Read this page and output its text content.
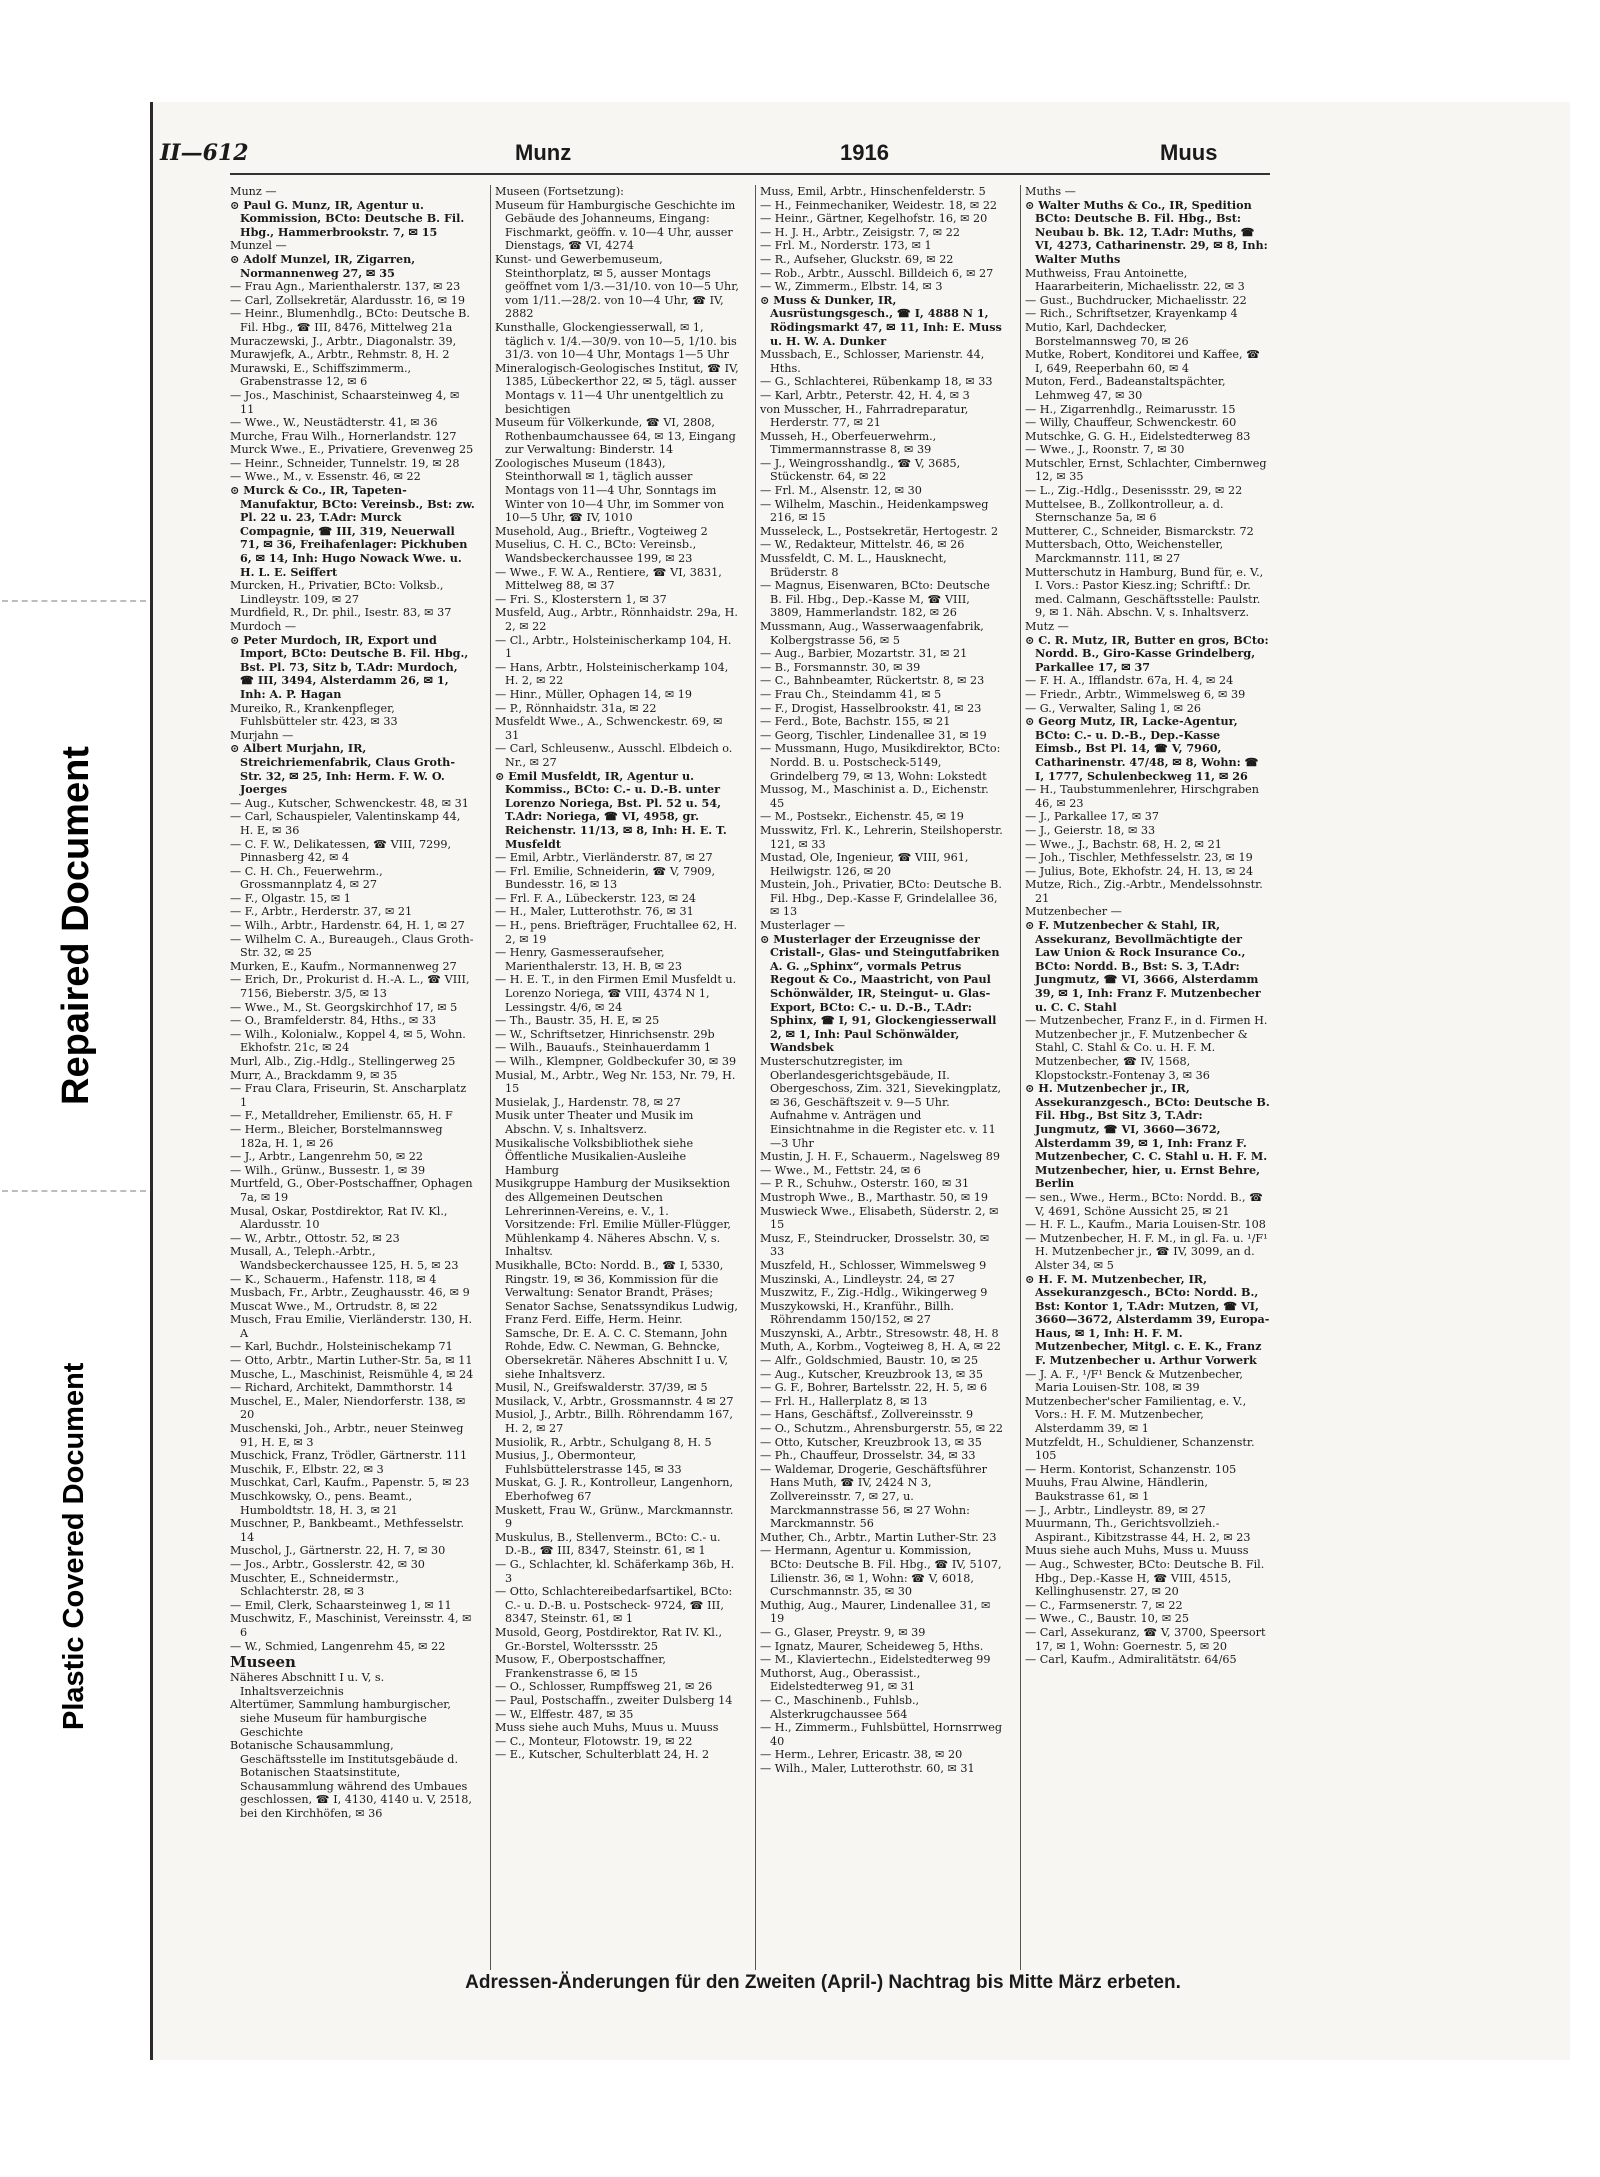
Repaired Document
Plastic Covered Document
II—612	Munz	1916	Muus

Munz —

⊙ Paul G. Munz, IR, Agentur u. Kommission, BCto: Deutsche B. Fil. Hbg., Hammerbrookstr. 7, ✉ 15

Munzel —

⊙ Adolf Munzel, IR, Zigarren, Normannenweg 27, ✉ 35

— Frau Agn., Marienthalerstr. 137, ✉ 23

— Carl, Zollsekretär, Alardusstr. 16, ✉ 19

— Heinr., Blumenhdlg., BCto: Deutsche B. Fil. Hbg., ☎ III, 8476, Mittelweg 21a

Muraczewski, J., Arbtr., Diagonalstr. 39,

Murawjefk, A., Arbtr., Rehmstr. 8, H. 2

Murawski, E., Schiffszimmerm., Grabenstrasse 12, ✉ 6

— Jos., Maschinist, Schaarsteinweg 4, ✉ 11

— Wwe., W., Neustädterstr. 41, ✉ 36

Murche, Frau Wilh., Hornerlandstr. 127

Murck Wwe., E., Privatiere, Grevenweg 25

— Heinr., Schneider, Tunnelstr. 19, ✉ 28

— Wwe., M., v. Essenstr. 46, ✉ 22

⊙ Murck & Co., IR, Tapeten-Manufaktur, BCto: Vereinsb., Bst: zw. Pl. 22 u. 23, T.Adr: Murck Compagnie, ☎ III, 319, Neuerwall 71, ✉ 36, Freihafenlager: Pickhuben 6, ✉ 14, Inh: Hugo Nowack Wwe. u. H. L. E. Seiffert

Murcken, H., Privatier, BCto: Volksb., Lindleystr. 109, ✉ 27

Murdfield, R., Dr. phil., Isestr. 83, ✉ 37

Murdoch —

⊙ Peter Murdoch, IR, Export und Import, BCto: Deutsche B. Fil. Hbg., Bst. Pl. 73, Sitz b, T.Adr: Murdoch, ☎ III, 3494, Alsterdamm 26, ✉ 1, Inh: A. P. Hagan

Mureiko, R., Krankenpfleger, Fuhlsbütteler str. 423, ✉ 33

Murjahn —

⊙ Albert Murjahn, IR, Streichriemenfabrik, Claus Groth-Str. 32, ✉ 25, Inh: Herm. F. W. O. Joerges

— Aug., Kutscher, Schwenckestr. 48, ✉ 31

— Carl, Schauspieler, Valentinskamp 44, H. E, ✉ 36

— C. F. W., Delikatessen, ☎ VIII, 7299, Pinnasberg 42, ✉ 4

— C. H. Ch., Feuerwehrm., Grossmannplatz 4, ✉ 27

— F., Olgastr. 15, ✉ 1

— F., Arbtr., Herderstr. 37, ✉ 21

— Wilh., Arbtr., Hardenstr. 64, H. 1, ✉ 27

— Wilhelm C. A., Bureaugeh., Claus Groth-Str. 32, ✉ 25

Murken, E., Kaufm., Normannenweg 27

— Erich, Dr., Prokurist d. H.-A. L., ☎ VIII, 7156, Bieberstr. 3/5, ✉ 13

— Wwe., M., St. Georgskirchhof 17, ✉ 5

— O., Bramfelderstr. 84, Hths., ✉ 33

— Wilh., Kolonialw., Koppel 4, ✉ 5, Wohn. Ekhofstr. 21c, ✉ 24

Murl, Alb., Zig.-Hdlg., Stellingerweg 25

Murr, A., Brackdamm 9, ✉ 35

— Frau Clara, Friseurin, St. Anscharplatz 1

— F., Metalldreher, Emilienstr. 65, H. F

— Herm., Bleicher, Borstelmannsweg 182a, H. 1, ✉ 26

— J., Arbtr., Langenrehm 50, ✉ 22

— Wilh., Grünw., Bussestr. 1, ✉ 39

Murtfeld, G., Ober-Postschaffner, Ophagen 7a, ✉ 19

Musal, Oskar, Postdirektor, Rat IV. Kl., Alardusstr. 10

— W., Arbtr., Ottostr. 52, ✉ 23

Musall, A., Teleph.-Arbtr., Wandsbeckerchaussee 125, H. 5, ✉ 23

— K., Schauerm., Hafenstr. 118, ✉ 4

Musbach, Fr., Arbtr., Zeughausstr. 46, ✉ 9

Muscat Wwe., M., Ortrudstr. 8, ✉ 22

Musch, Frau Emilie, Vierländerstr. 130, H. A

— Karl, Buchdr., Holsteinischekamp 71

— Otto, Arbtr., Martin Luther-Str. 5a, ✉ 11

Musche, L., Maschinist, Reismühle 4, ✉ 24

— Richard, Architekt, Dammthorstr. 14

Muschel, E., Maler, Niendorferstr. 138, ✉ 20

Muschenski, Joh., Arbtr., neuer Steinweg 91, H. E, ✉ 3

Muschick, Franz, Trödler, Gärtnerstr. 111

Muschik, F., Elbstr. 22, ✉ 3

Muschkat, Carl, Kaufm., Papenstr. 5, ✉ 23

Muschkowsky, O., pens. Beamt., Humboldtstr. 18, H. 3, ✉ 21

Muschner, P., Bankbeamt., Methfesselstr. 14

Muschol, J., Gärtnerstr. 22, H. 7, ✉ 30

— Jos., Arbtr., Gosslerstr. 42, ✉ 30

Muschter, E., Schneidermstr., Schlachterstr. 28, ✉ 3

— Emil, Clerk, Schaarsteinweg 1, ✉ 11

Muschwitz, F., Maschinist, Vereinsstr. 4, ✉ 6

— W., Schmied, Langenrehm 45, ✉ 22

Museen

Näheres Abschnitt I u. V, s. Inhaltsverzeichnis

Altertümer, Sammlung hamburgischer, siehe Museum für hamburgische Geschichte

Botanische Schausammlung, Geschäftsstelle im Institutsgebäude d. Botanischen Staatsinstitute, Schausammlung während des Umbaues geschlossen, ☎ I, 4130, 4140 u. V, 2518, bei den Kirchhöfen, ✉ 36

Museen (Fortsetzung):

Museum für Hamburgische Geschichte im Gebäude des Johanneums, Eingang: Fischmarkt, geöffn. v. 10—4 Uhr, ausser Dienstags, ☎ VI, 4274

Kunst- und Gewerbemuseum, Steinthorplatz, ✉ 5, ausser Montags geöffnet vom 1/3.—31/10. von 10—5 Uhr, vom 1/11.—28/2. von 10—4 Uhr, ☎ IV, 2882

Kunsthalle, Glockengiesserwall, ✉ 1, täglich v. 1/4.—30/9. von 10—5, 1/10. bis 31/3. von 10—4 Uhr, Montags 1—5 Uhr

Mineralogisch-Geologisches Institut, ☎ IV, 1385, Lübeckerthor 22, ✉ 5, tägl. ausser Montags v. 11—4 Uhr unentgeltlich zu besichtigen

Museum für Völkerkunde, ☎ VI, 2808, Rothenbaumchaussee 64, ✉ 13, Eingang zur Verwaltung: Binderstr. 14

Zoologisches Museum (1843), Steinthorwall ✉ 1, täglich ausser Montags von 11—4 Uhr, Sonntags im Winter von 10—4 Uhr, im Sommer von 10—5 Uhr, ☎ IV, 1010

Musehold, Aug., Brieftr., Vogteiweg 2

Muselius, C. H. C., BCto: Vereinsb., Wandsbeckerchaussee 199, ✉ 23

— Wwe., F. W. A., Rentiere, ☎ VI, 3831, Mittelweg 88, ✉ 37

— Fri. S., Klosterstern 1, ✉ 37

Musfeld, Aug., Arbtr., Rönnhaidstr. 29a, H. 2, ✉ 22

— Cl., Arbtr., Holsteinischerkamp 104, H. 1

— Hans, Arbtr., Holsteinischerkamp 104, H. 2, ✉ 22

— Hinr., Müller, Ophagen 14, ✉ 19

— P., Rönnhaidstr. 31a, ✉ 22

Musfeldt Wwe., A., Schwenckestr. 69, ✉ 31

— Carl, Schleusenw., Ausschl. Elbdeich o. Nr., ✉ 27

⊙ Emil Musfeldt, IR, Agentur u. Kommiss., BCto: C.- u. D.-B. unter Lorenzo Noriega, Bst. Pl. 52 u. 54, T.Adr: Noriega, ☎ VI, 4958, gr. Reichenstr. 11/13, ✉ 8, Inh: H. E. T. Musfeldt

— Emil, Arbtr., Vierländerstr. 87, ✉ 27

— Frl. Emilie, Schneiderin, ☎ V, 7909, Bundesstr. 16, ✉ 13

— Frl. F. A., Lübeckerstr. 123, ✉ 24

— H., Maler, Lutterothstr. 76, ✉ 31

— H., pens. Briefträger, Fruchtallee 62, H. 2, ✉ 19

— Henry, Gasmesseraufseher, Marienthalerstr. 13, H. B, ✉ 23

— H. E. T., in den Firmen Emil Musfeldt u. Lorenzo Noriega, ☎ VIII, 4374 N 1, Lessingstr. 4/6, ✉ 24

— Th., Baustr. 35, H. E, ✉ 25

— W., Schriftsetzer, Hinrichsenstr. 29b

— Wilh., Bauaufs., Steinhauerdamm 1

— Wilh., Klempner, Goldbeckufer 30, ✉ 39

Musial, M., Arbtr., Weg Nr. 153, Nr. 79, H. 15

Musielak, J., Hardenstr. 78, ✉ 27

Musik unter Theater und Musik im Abschn. V, s. Inhaltsverz.

Musikalische Volksbibliothek siehe Öffentliche Musikalien-Ausleihe Hamburg

Musikgruppe Hamburg der Musiksektion des Allgemeinen Deutschen Lehrerinnen-Vereins, e. V., 1. Vorsitzende: Frl. Emilie Müller-Flügger, Mühlenkamp 4. Näheres Abschn. V, s. Inhaltsv.

Musikhalle, BCto: Nordd. B., ☎ I, 5330, Ringstr. 19, ✉ 36, Kommission für die Verwaltung: Senator Brandt, Präses; Senator Sachse, Senatssyndikus Ludwig, Franz Ferd. Eiffe, Herm. Heinr. Samsche, Dr. E. A. C. C. Stemann, John Rohde, Edw. C. Newman, G. Behncke, Obersekretär. Näheres Abschnitt I u. V, siehe Inhaltsverz.

Musil, N., Greifswalderstr. 37/39, ✉ 5

Musilack, V., Arbtr., Grossmannstr. 4 ✉ 27

Musiol, J., Arbtr., Billh. Röhrendamm 167, H. 2, ✉ 27

Musiolik, R., Arbtr., Schulgang 8, H. 5

Musius, J., Obermonteur, Fuhlsbüttelerstrasse 145, ✉ 33

Muskat, G. J. R., Kontrolleur, Langenhorn, Eberhofweg 67

Muskett, Frau W., Grünw., Marckmannstr. 9

Muskulus, B., Stellenverm., BCto: C.- u. D.-B., ☎ III, 8347, Steinstr. 61, ✉ 1

— G., Schlachter, kl. Schäferkamp 36b, H. 3

— Otto, Schlachtereibedarfsartikel, BCto: C.- u. D.-B. u. Postscheck- 9724, ☎ III, 8347, Steinstr. 61, ✉ 1

Musold, Georg, Postdirektor, Rat IV. Kl., Gr.-Borstel, Wolterssstr. 25

Musow, F., Oberpostschaffner, Frankenstrasse 6, ✉ 15

— O., Schlosser, Rumpffsweg 21, ✉ 26

— Paul, Postschaffn., zweiter Dulsberg 14

— W., Elffestr. 487, ✉ 35

Muss siehe auch Muhs, Muus u. Muuss

— C., Monteur, Flotowstr. 19, ✉ 22

— E., Kutscher, Schulterblatt 24, H. 2

Muss, Emil, Arbtr., Hinschenfelderstr. 5

— H., Feinmechaniker, Weidestr. 18, ✉ 22

— Heinr., Gärtner, Kegelhofstr. 16, ✉ 20

— H. J. H., Arbtr., Zeisigstr. 7, ✉ 22

— Frl. M., Norderstr. 173, ✉ 1

— R., Aufseher, Gluckstr. 69, ✉ 22

— Rob., Arbtr., Ausschl. Billdeich 6, ✉ 27

— W., Zimmerm., Elbstr. 14, ✉ 3

⊙ Muss & Dunker, IR, Ausrüstungsgesch., ☎ I, 4888 N 1, Rödingsmarkt 47, ✉ 11, Inh: E. Muss u. H. W. A. Dunker

Mussbach, E., Schlosser, Marienstr. 44, Hths.

— G., Schlachterei, Rübenkamp 18, ✉ 33

— Karl, Arbtr., Peterstr. 42, H. 4, ✉ 3

von Musscher, H., Fahrradreparatur, Herderstr. 77, ✉ 21

Musseh, H., Oberfeuerwehrm., Timmermannstrasse 8, ✉ 39

— J., Weingrosshandlg., ☎ V, 3685, Stückenstr. 64, ✉ 22

— Frl. M., Alsenstr. 12, ✉ 30

— Wilhelm, Maschin., Heidenkampsweg 216, ✉ 15

Musseleck, L., Postsekretär, Hertogestr. 2

— W., Redakteur, Mittelstr. 46, ✉ 26

Mussfeldt, C. M. L., Hausknecht, Brüderstr. 8

— Magnus, Eisenwaren, BCto: Deutsche B. Fil. Hbg., Dep.-Kasse M, ☎ VIII, 3809, Hammerlandstr. 182, ✉ 26

Mussmann, Aug., Wasserwaagenfabrik, Kolbergstrasse 56, ✉ 5

— Aug., Barbier, Mozartstr. 31, ✉ 21

— B., Forsmannstr. 30, ✉ 39

— C., Bahnbeamter, Rückertstr. 8, ✉ 23

— Frau Ch., Steindamm 41, ✉ 5

— F., Drogist, Hasselbrookstr. 41, ✉ 23

— Ferd., Bote, Bachstr. 155, ✉ 21

— Georg, Tischler, Lindenallee 31, ✉ 19

— Mussmann, Hugo, Musikdirektor, BCto: Nordd. B. u. Postscheck-5149, Grindelberg 79, ✉ 13, Wohn: Lokstedt

Mussog, M., Maschinist a. D., Eichenstr. 45

— M., Postsekr., Eichenstr. 45, ✉ 19

Musswitz, Frl. K., Lehrerin, Steilshoperstr. 121, ✉ 33

Mustad, Ole, Ingenieur, ☎ VIII, 961, Heilwigstr. 126, ✉ 20

Mustein, Joh., Privatier, BCto: Deutsche B. Fil. Hbg., Dep.-Kasse F, Grindelallee 36, ✉ 13

Musterlager —

⊙ Musterlager der Erzeugnisse der Cristall-, Glas- und Steingutfabriken A. G. „Sphinx“, vormals Petrus Regout & Co., Maastricht, von Paul Schönwälder, IR, Steingut- u. Glas-Export, BCto: C.- u. D.-B., T.Adr: Sphinx, ☎ I, 91, Glockengiesserwall 2, ✉ 1, Inh: Paul Schönwälder, Wandsbek

Musterschutzregister, im Oberlandesgerichtsgebäude, II. Obergeschoss, Zim. 321, Sievekingplatz, ✉ 36, Geschäftszeit v. 9—5 Uhr. Aufnahme v. Anträgen und Einsichtnahme in die Register etc. v. 11—3 Uhr

Mustin, J. H. F., Schauerm., Nagelsweg 89

— Wwe., M., Fettstr. 24, ✉ 6

— P. R., Schuhw., Osterstr. 160, ✉ 31

Mustroph Wwe., B., Marthastr. 50, ✉ 19

Muswieck Wwe., Elisabeth, Süderstr. 2, ✉ 15

Musz, F., Steindrucker, Drosselstr. 30, ✉ 33

Muszfeld, H., Schlosser, Wimmelsweg 9

Muszinski, A., Lindleystr. 24, ✉ 27

Muszwitz, F., Zig.-Hdlg., Wikingerweg 9

Muszykowski, H., Kranführ., Billh. Röhrendamm 150/152, ✉ 27

Muszynski, A., Arbtr., Stresowstr. 48, H. 8

Muth, A., Korbm., Vogteiweg 8, H. A, ✉ 22

— Alfr., Goldschmied, Baustr. 10, ✉ 25

— Aug., Kutscher, Kreuzbrook 13, ✉ 35

— G. F., Bohrer, Bartelsstr. 22, H. 5, ✉ 6

— Frl. H., Hallerplatz 8, ✉ 13

— Hans, Geschäftsf., Zollvereinsstr. 9

— O., Schutzm., Ahrensburgerstr. 55, ✉ 22

— Otto, Kutscher, Kreuzbrook 13, ✉ 35

— Ph., Chauffeur, Drosselstr. 34, ✉ 33

— Waldemar, Drogerie, Geschäftsführer Hans Muth, ☎ IV, 2424 N 3, Zollvereinsstr. 7, ✉ 27, u. Marckmannstrasse 56, ✉ 27 Wohn: Marckmannstr. 56

Muther, Ch., Arbtr., Martin Luther-Str. 23

— Hermann, Agentur u. Kommission, BCto: Deutsche B. Fil. Hbg., ☎ IV, 5107, Lilienstr. 36, ✉ 1, Wohn: ☎ V, 6018, Curschmannstr. 35, ✉ 30

Muthig, Aug., Maurer, Lindenallee 31, ✉ 19

— G., Glaser, Preystr. 9, ✉ 39

— Ignatz, Maurer, Scheideweg 5, Hths.

— M., Klaviertechn., Eidelstedterweg 99

Muthorst, Aug., Oberassist., Eidelstedterweg 91, ✉ 31

— C., Maschinenb., Fuhlsb., Alsterkrugchaussee 564

— H., Zimmerm., Fuhlsbüttel, Hornsrrweg 40

— Herm., Lehrer, Ericastr. 38, ✉ 20

— Wilh., Maler, Lutterothstr. 60, ✉ 31

Muths —

⊙ Walter Muths & Co., IR, Spedition BCto: Deutsche B. Fil. Hbg., Bst: Neubau b. Bk. 12, T.Adr: Muths, ☎ VI, 4273, Catharinenstr. 29, ✉ 8, Inh: Walter Muths

Muthweiss, Frau Antoinette, Haararbeiterin, Michaelisstr. 22, ✉ 3

— Gust., Buchdrucker, Michaelisstr. 22

— Rich., Schriftsetzer, Krayenkamp 4

Mutio, Karl, Dachdecker, Borstelmannsweg 70, ✉ 26

Mutke, Robert, Konditorei und Kaffee, ☎ I, 649, Reeperbahn 60, ✉ 4

Muton, Ferd., Badeanstaltspächter, Lehmweg 47, ✉ 30

— H., Zigarrenhdlg., Reimarusstr. 15

— Willy, Chauffeur, Schwenckestr. 60

Mutschke, G. G. H., Eidelstedterweg 83

— Wwe., J., Roonstr. 7, ✉ 30

Mutschler, Ernst, Schlachter, Cimbernweg 12, ✉ 35

— L., Zig.-Hdlg., Desenissstr. 29, ✉ 22

Muttelsee, B., Zollkontrolleur, a. d. Sternschanze 5a, ✉ 6

Mutterer, C., Schneider, Bismarckstr. 72

Muttersbach, Otto, Weichensteller, Marckmannstr. 111, ✉ 27

Mutterschutz in Hamburg, Bund für, e. V., I. Vors.: Pastor Kiesz.ing; Schriftf.: Dr. med. Calmann, Geschäftsstelle: Paulstr. 9, ✉ 1. Näh. Abschn. V, s. Inhaltsverz.

Mutz —

⊙ C. R. Mutz, IR, Butter en gros, BCto: Nordd. B., Giro-Kasse Grindelberg, Parkallee 17, ✉ 37

— F. H. A., Ifflandstr. 67a, H. 4, ✉ 24

— Friedr., Arbtr., Wimmelsweg 6, ✉ 39

— G., Verwalter, Saling 1, ✉ 26

⊙ Georg Mutz, IR, Lacke-Agentur, BCto: C.- u. D.-B., Dep.-Kasse Eimsb., Bst Pl. 14, ☎ V, 7960, Catharinenstr. 47/48, ✉ 8, Wohn: ☎ I, 1777, Schulenbeckweg 11, ✉ 26

— H., Taubstummenlehrer, Hirschgraben 46, ✉ 23

— J., Parkallee 17, ✉ 37

— J., Geierstr. 18, ✉ 33

— Wwe., J., Bachstr. 68, H. 2, ✉ 21

— Joh., Tischler, Methfesselstr. 23, ✉ 19

— Julius, Bote, Ekhofstr. 24, H. 13, ✉ 24

Mutze, Rich., Zig.-Arbtr., Mendelssohnstr. 21

Mutzenbecher —

⊙ F. Mutzenbecher & Stahl, IR, Assekuranz, Bevollmächtigte der Law Union & Rock Insurance Co., BCto: Nordd. B., Bst: S. 3, T.Adr: Jungmutz, ☎ VI, 3666, Alsterdamm 39, ✉ 1, Inh: Franz F. Mutzenbecher u. C. C. Stahl

— Mutzenbecher, Franz F., in d. Firmen H. Mutzenbecher jr., F. Mutzenbecher & Stahl, C. Stahl & Co. u. H. F. M. Mutzenbecher, ☎ IV, 1568, Klopstockstr.-Fontenay 3, ✉ 36

⊙ H. Mutzenbecher jr., IR, Assekuranzgesch., BCto: Deutsche B. Fil. Hbg., Bst Sitz 3, T.Adr: Jungmutz, ☎ VI, 3660—3672, Alsterdamm 39, ✉ 1, Inh: Franz F. Mutzenbecher, C. C. Stahl u. H. F. M. Mutzenbecher, hier, u. Ernst Behre, Berlin

— sen., Wwe., Herm., BCto: Nordd. B., ☎ V, 4691, Schöne Aussicht 25, ✉ 21

— H. F. L., Kaufm., Maria Louisen-Str. 108

— Mutzenbecher, H. F. M., in gl. Fa. u. ¹/F¹ H. Mutzenbecher jr., ☎ IV, 3099, an d. Alster 34, ✉ 5

⊙ H. F. M. Mutzenbecher, IR, Assekuranzgesch., BCto: Nordd. B., Bst: Kontor 1, T.Adr: Mutzen, ☎ VI, 3660—3672, Alsterdamm 39, Europa-Haus, ✉ 1, Inh: H. F. M. Mutzenbecher, Mitgl. c. E. K., Franz F. Mutzenbecher u. Arthur Vorwerk

— J. A. F., ¹/F¹ Benck & Mutzenbecher, Maria Louisen-Str. 108, ✉ 39

Mutzenbecher'scher Familientag, e. V., Vors.: H. F. M. Mutzenbecher, Alsterdamm 39, ✉ 1

Mutzfeldt, H., Schuldiener, Schanzenstr. 105

— Herm. Kontorist, Schanzenstr. 105

Muuhs, Frau Alwine, Händlerin, Baukstrasse 61, ✉ 1

— J., Arbtr., Lindleystr. 89, ✉ 27

Muurmann, Th., Gerichtsvollzieh.-Aspirant., Kibitzstrasse 44, H. 2, ✉ 23

Muus siehe auch Muhs, Muss u. Muuss

— Aug., Schwester, BCto: Deutsche B. Fil. Hbg., Dep.-Kasse H, ☎ VIII, 4515, Kellinghusenstr. 27, ✉ 20

— C., Farmsenerstr. 7, ✉ 22

— Wwe., C., Baustr. 10, ✉ 25

— Carl, Assekuranz, ☎ V, 3700, Speersort 17, ✉ 1, Wohn: Goernestr. 5, ✉ 20

— Carl, Kaufm., Admiralitätstr. 64/65

Adressen-Änderungen für den Zweiten (April-) Nachtrag bis Mitte März erbeten.
